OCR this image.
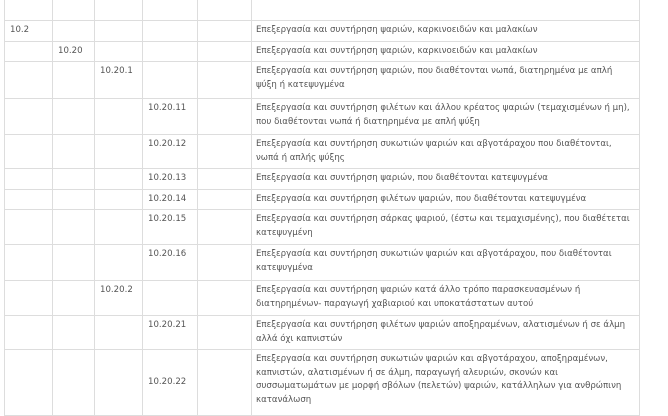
10.2					Επεξεργασία και συντήρηση ψαριών, καρκινοειδών και μαλακίων
	10.20				Επεξεργασία και συντήρηση ψαριών, καρκινοειδών και μαλακίων
		10.20.1			Επεξεργασία και συντήρηση ψαριών, που διαθέτονται νωπά, διατηρημένα με απλή ψύξη ή κατεψυγμένα
			10.20.11		Επεξεργασία και συντήρηση φιλέτων και άλλου κρέατος ψαριών (τεμαχισμένων ή μη), που διαθέτονται νωπά ή διατηρημένα με απλή ψύξη
			10.20.12		Επεξεργασία και συντήρηση συκωτιών ψαριών και αβγοτάραχου που διαθέτονται, νωπά ή απλής ψύξης
			10.20.13		Επεξεργασία και συντήρηση ψαριών, που διαθέτονται κατεψυγμένα
			10.20.14		Επεξεργασία και συντήρηση φιλέτων ψαριών, που διαθέτονται κατεψυγμένα
			10.20.15		Επεξεργασία και συντήρηση σάρκας ψαριού, (έστω και τεμαχισμένης), που διαθέτεται κατεψυγμένη
			10.20.16		Επεξεργασία και συντήρηση συκωτιών ψαριών και αβγοτάραχου, που διαθέτονται κατεψυγμένα
		10.20.2			Επεξεργασία και συντήρηση ψαριών κατά άλλο τρόπο παρασκευασμένων ή διατηρημένων- παραγωγή χαβιαριού και υποκατάστατων αυτού
			10.20.21		Επεξεργασία και συντήρηση φιλέτων ψαριών αποξηραμένων, αλατισμένων ή σε άλμη αλλά όχι καπνιστών
			10.20.22		Επεξεργασία και συντήρηση συκωτιών ψαριών και αβγοτάραχου, αποξηραμένων, καπνιστών, αλατισμένων ή σε άλμη, παραγωγή αλευριών, σκονών και συσσωματωμάτων με μορφή σβόλων (πελετών) ψαριών, κατάλληλων για ανθρώπινη κατανάλωση
